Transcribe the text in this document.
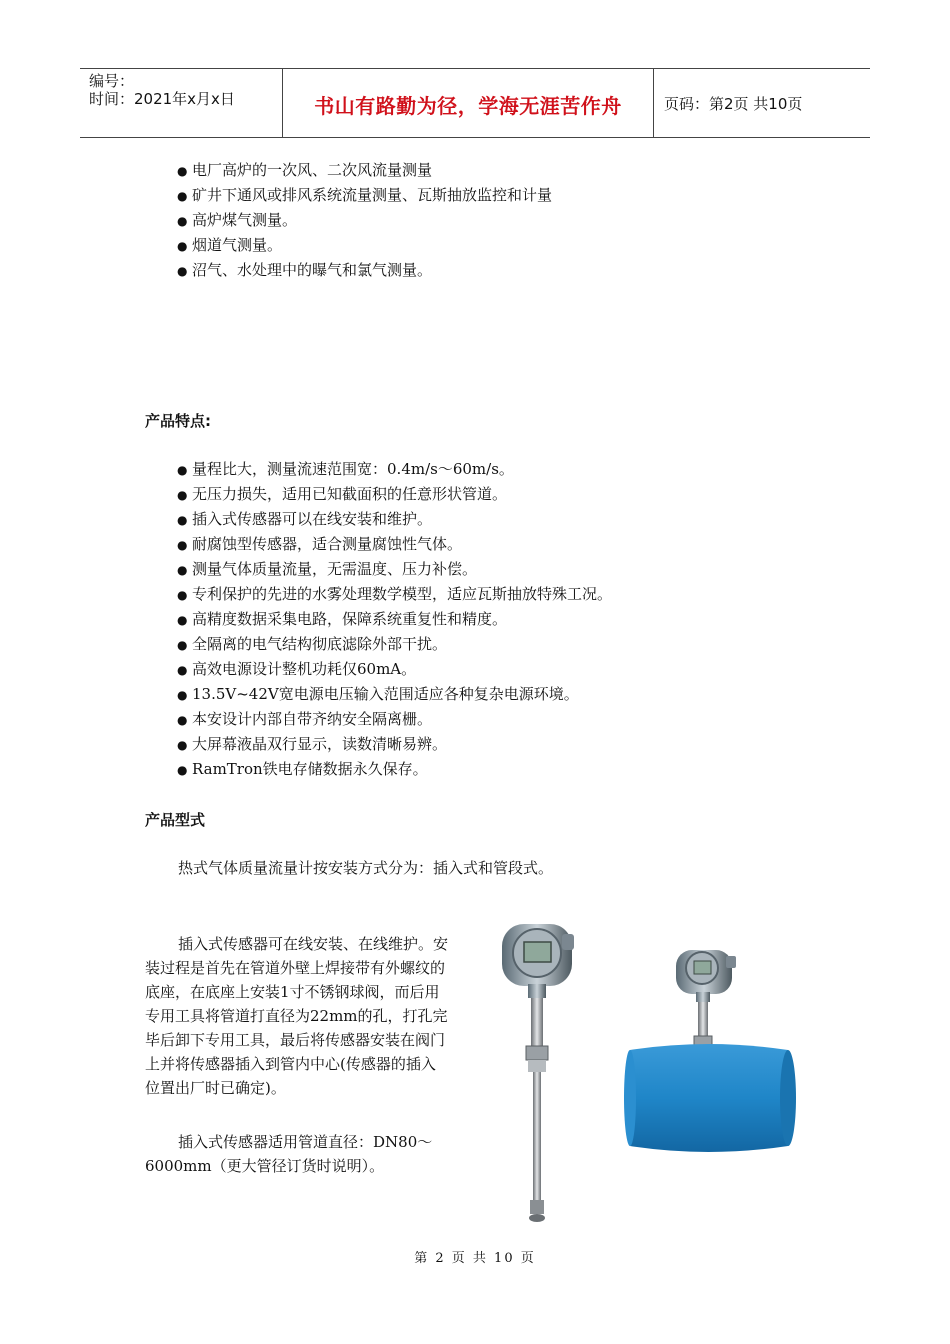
编号：
时间：2021年x月x日	书山有路勤为径，学海无涯苦作舟	页码：第2页 共10页
● 电厂高炉的一次风、二次风流量测量
● 矿井下通风或排风系统流量测量、瓦斯抽放监控和计量
● 高炉煤气测量。
● 烟道气测量。
● 沼气、水处理中的曝气和氯气测量。
产品特点:
● 量程比大，测量流速范围宽：0.4m/s～60m/s。
● 无压力损失，适用已知截面积的任意形状管道。
● 插入式传感器可以在线安装和维护。
● 耐腐蚀型传感器，适合测量腐蚀性气体。
● 测量气体质量流量，无需温度、压力补偿。
● 专利保护的先进的水雾处理数学模型，适应瓦斯抽放特殊工况。
● 高精度数据采集电路，保障系统重复性和精度。
● 全隔离的电气结构彻底滤除外部干扰。
● 高效电源设计整机功耗仅60mA。
● 13.5V~42V宽电源电压输入范围适应各种复杂电源环境。
● 本安设计内部自带齐纳安全隔离栅。
● 大屏幕液晶双行显示，读数清晰易辨。
● RamTron铁电存储数据永久保存。
产品型式
热式气体质量流量计按安装方式分为：插入式和管段式。
插入式传感器可在线安装、在线维护。安
装过程是首先在管道外壁上焊接带有外螺纹的
底座，在底座上安装1寸不锈钢球阀，而后用
专用工具将管道打直径为22mm的孔，打孔完
毕后卸下专用工具，最后将传感器安装在阀门
上并将传感器插入到管内中心(传感器的插入
位置出厂时已确定)。
插入式传感器适用管道直径：DN80～
6000mm（更大管径订货时说明）。
第 2 页 共 10 页
